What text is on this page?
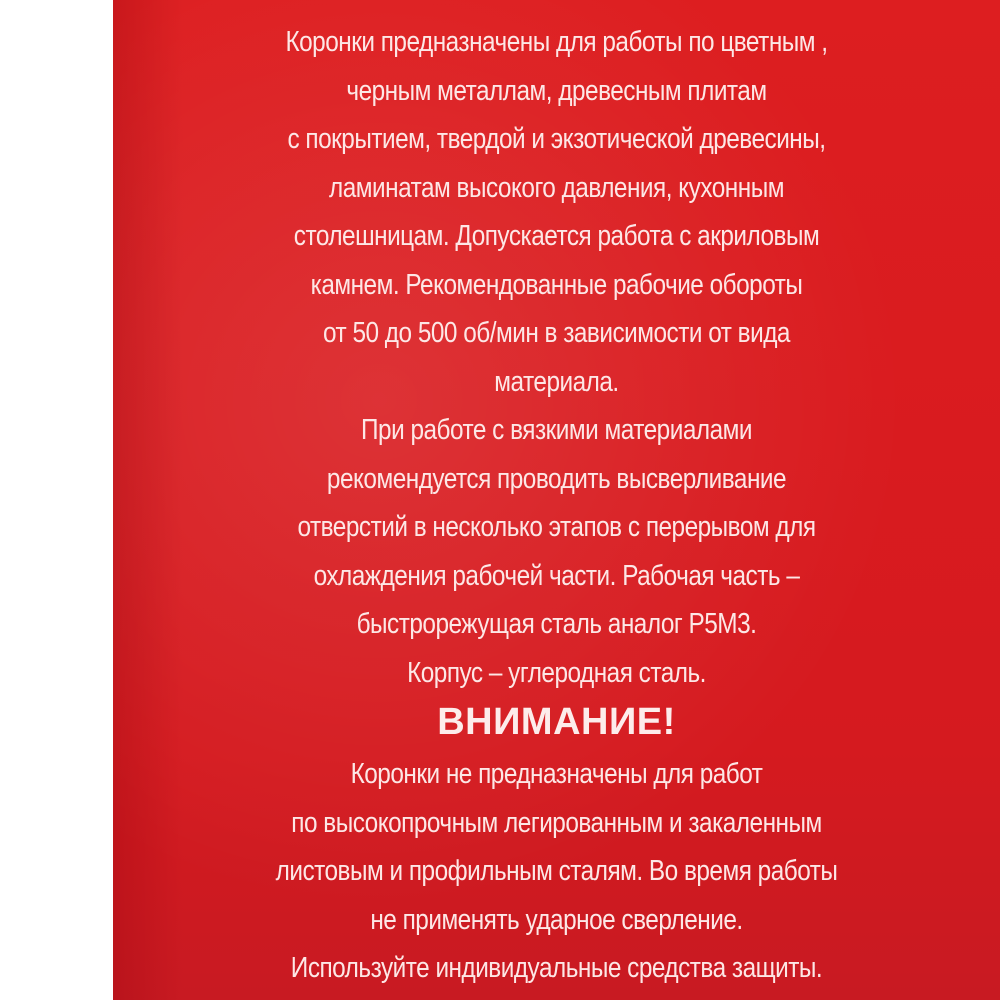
Коронки предназначены для работы по цветным ,
черным металлам, древесным плитам
с покрытием, твердой и экзотической древесины,
ламинатам высокого давления, кухонным
столешницам. Допускается работа с акриловым
камнем. Рекомендованные рабочие обороты
от 50 до 500 об/мин в зависимости от вида
материала.
При работе с вязкими материалами
рекомендуется проводить высверливание
отверстий в несколько этапов с перерывом для
охлаждения рабочей части. Рабочая часть –
быстрорежущая сталь аналог Р5М3.
Корпус – углеродная сталь.
ВНИМАНИЕ!
Коронки не предназначены для работ
по высокопрочным легированным и закаленным
листовым и профильным сталям. Во время работы
не применять ударное сверление.
Используйте индивидуальные средства защиты.
